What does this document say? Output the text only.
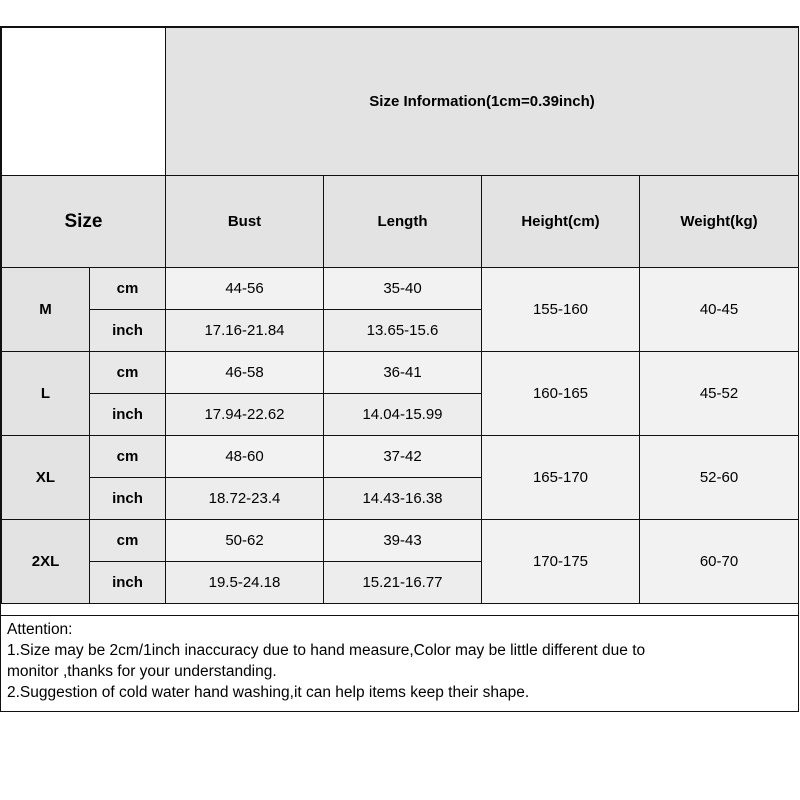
		Size Information(1cm=0.39inch)			
Size		Bust	Length	Height(cm)	Weight(kg)
M	cm	44-56	35-40	155-160	40-45
	inch	17.16-21.84	13.65-15.6		
L	cm	46-58	36-41	160-165	45-52
	inch	17.94-22.62	14.04-15.99		
XL	cm	48-60	37-42	165-170	52-60
	inch	18.72-23.4	14.43-16.38		
2XL	cm	50-62	39-43	170-175	60-70
	inch	19.5-24.18	15.21-16.77		
Attention:
1.Size may be 2cm/1inch inaccuracy due to hand measure,Color may be little different due to
monitor ,thanks for your understanding.
2.Suggestion of cold water hand washing,it can help items keep their shape.
